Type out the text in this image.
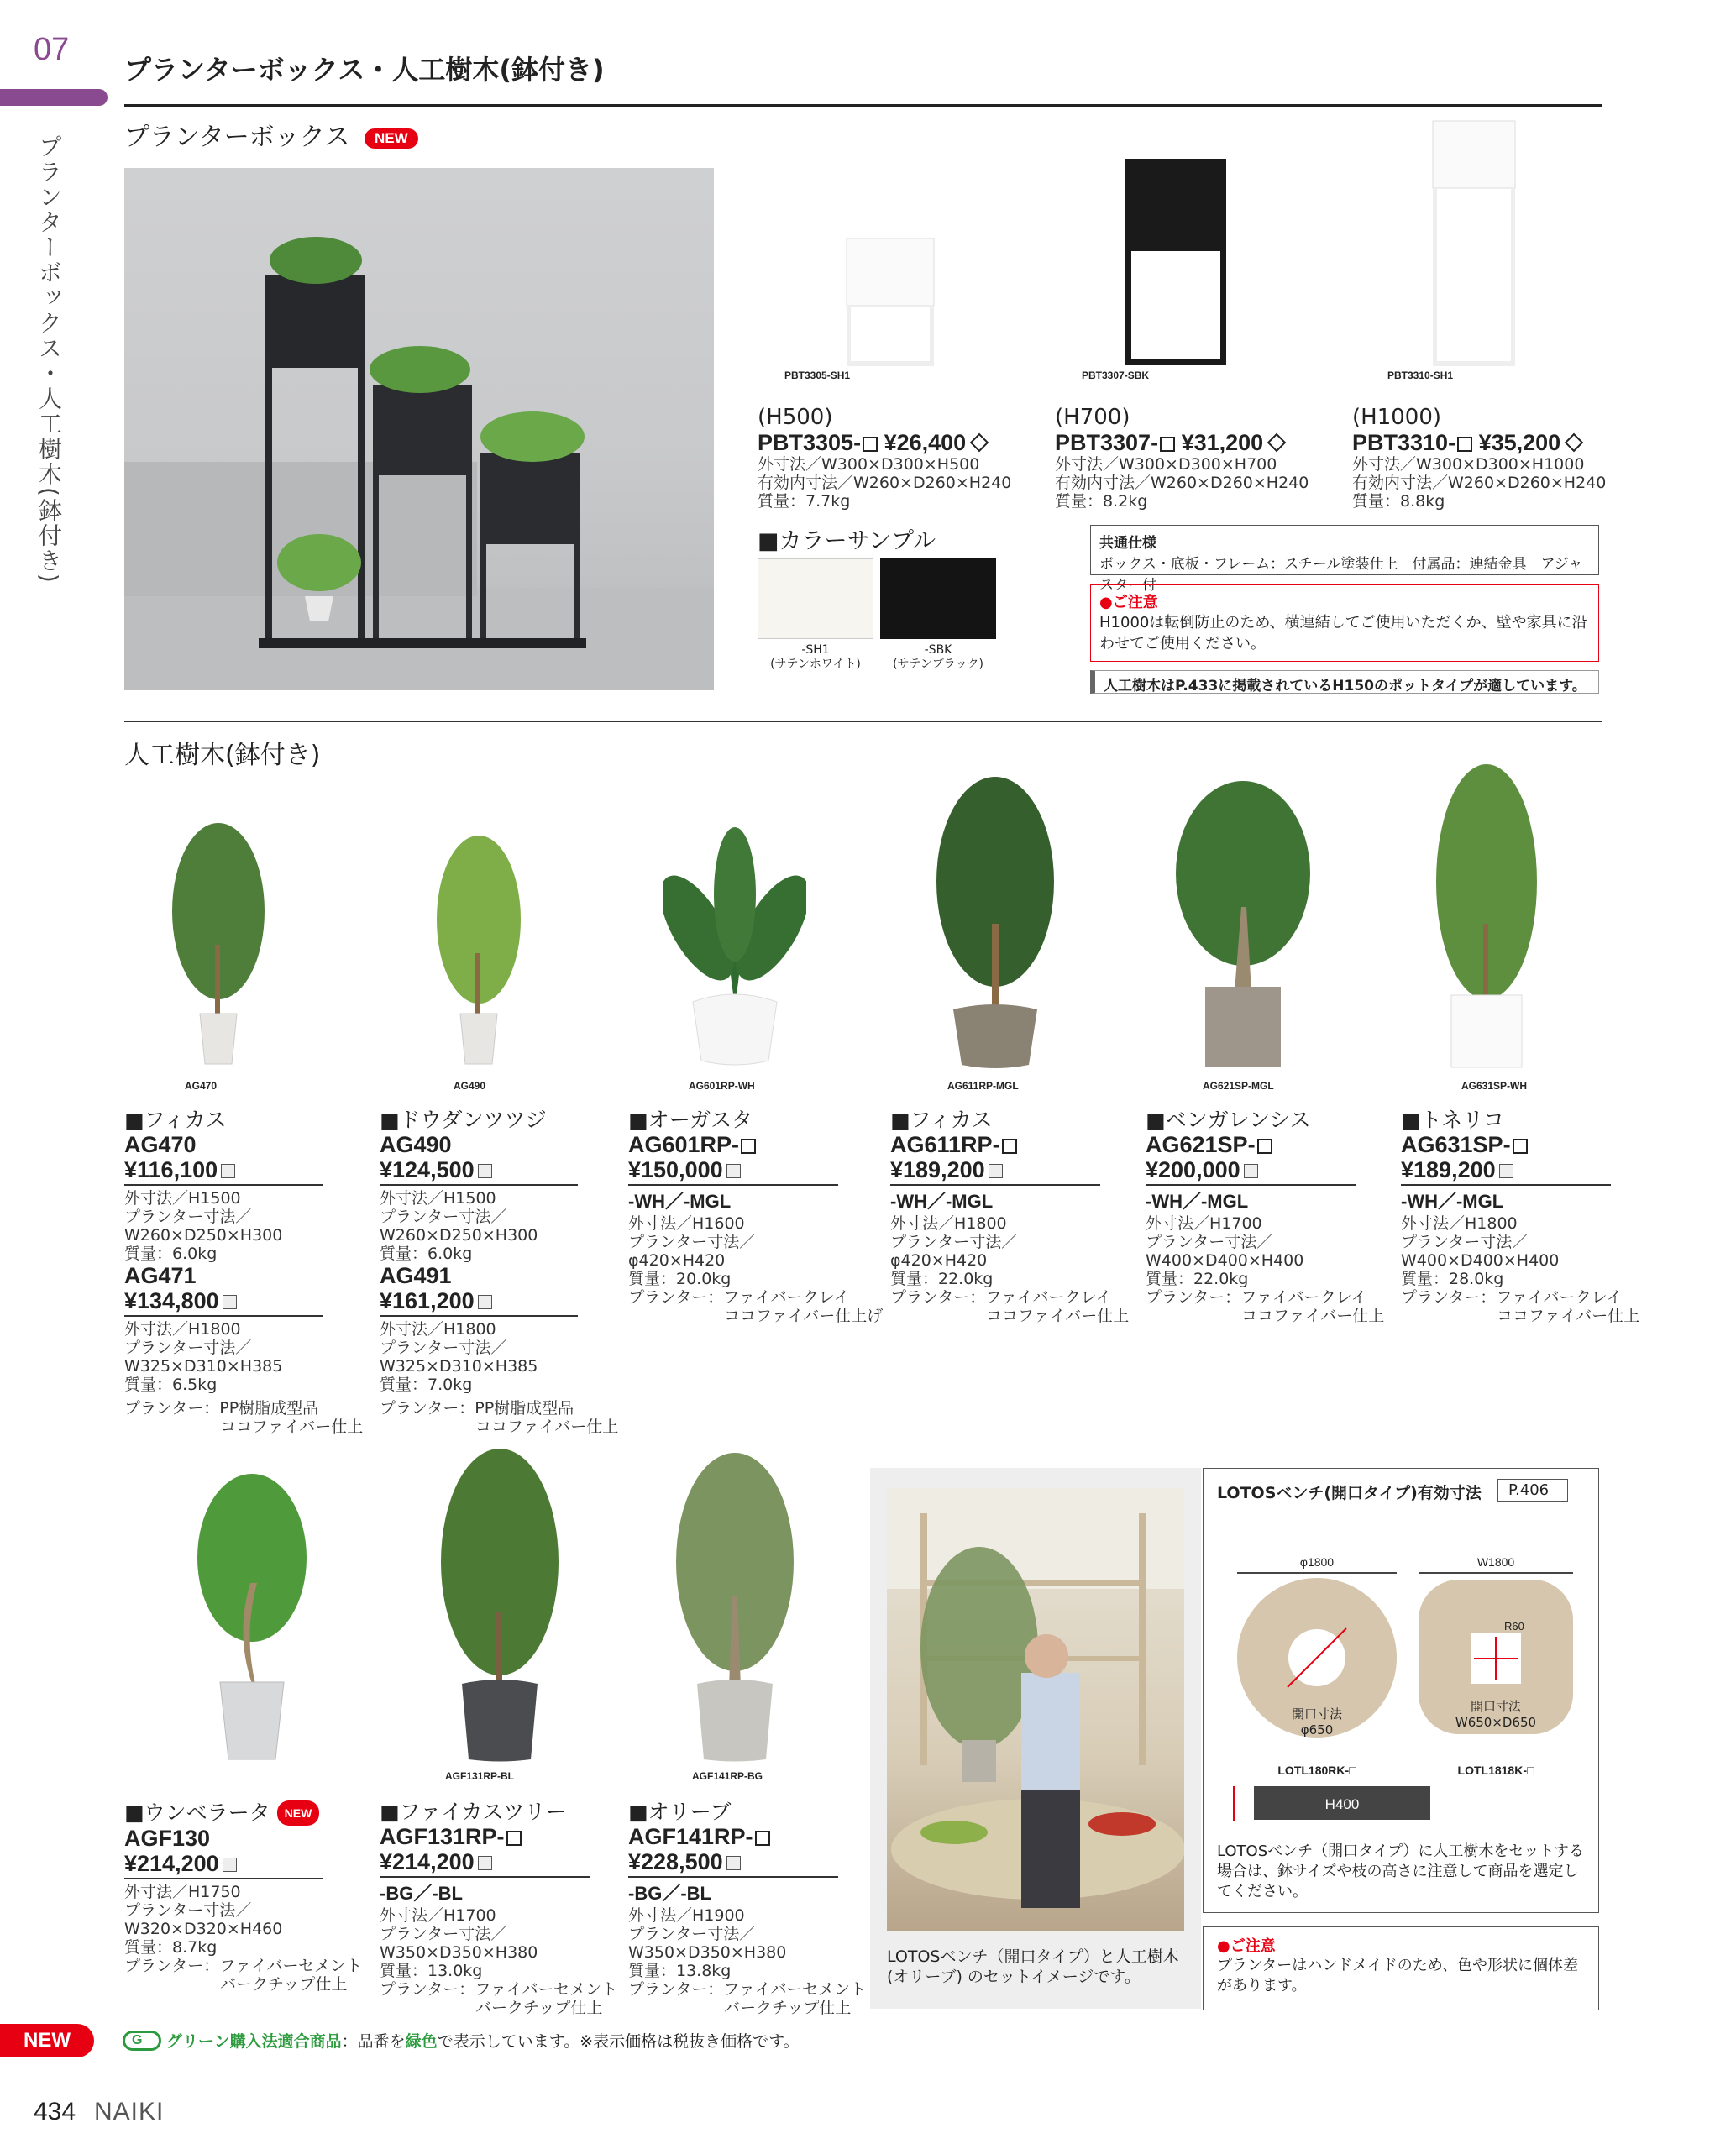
07
プランターボックス・人工樹木(鉢付き)
プランターボックス・人工樹木(鉢付き) プランターボックス NEW
PBT3305-SH1
(H500)
PBT3305- ¥26,400
外寸法／W300×D300×H500
有効内寸法／W260×D260×H240
質量：7.7kg
PBT3307-SBK
(H700)
PBT3307- ¥31,200
外寸法／W300×D300×H700
有効内寸法／W260×D260×H240
質量：8.2kg
PBT3310-SH1
(H1000)
PBT3310- ¥35,200
外寸法／W300×D300×H1000
有効内寸法／W260×D260×H240
質量：8.8kg
■カラーサンプル
-SH1
(サテンホワイト)
-SBK
(サテンブラック)
共通仕様
ボックス・底板・フレーム：スチール塗装仕上　付属品：連結金具　アジャスター付
●ご注意
H1000は転倒防止のため、横連結してご使用いただくか、壁や家具に沿わせてご使用ください。
人工樹木はP.433に掲載されているH150のポットタイプが適しています。
人工樹木(鉢付き)
AG470	AG490	AG601RP-WH	AG611RP-MGL	AG621SP-MGL	AG631SP-WH
■フィカス
AG470
¥116,100
外寸法／H1500
プランター寸法／
W260×D250×H300
質量：6.0kg
AG471
¥134,800
外寸法／H1800
プランター寸法／
W325×D310×H385
質量：6.5kg
プランター：PP樹脂成型品
　　　　　　ココファイバー仕上
■ドウダンツツジ
AG490
¥124,500
外寸法／H1500
プランター寸法／
W260×D250×H300
質量：6.0kg
AG491
¥161,200
外寸法／H1800
プランター寸法／
W325×D310×H385
質量：7.0kg
プランター：PP樹脂成型品
　　　　　　ココファイバー仕上
■オーガスタ
AG601RP-
¥150,000
-WH／-MGL
外寸法／H1600
プランター寸法／
φ420×H420
質量：20.0kg
プランター：ファイバークレイ
　　　　　　ココファイバー仕上げ
■フィカス
AG611RP-
¥189,200
-WH／-MGL
外寸法／H1800
プランター寸法／
φ420×H420
質量：22.0kg
プランター：ファイバークレイ
　　　　　　ココファイバー仕上
■ベンガレンシス
AG621SP-
¥200,000
-WH／-MGL
外寸法／H1700
プランター寸法／
W400×D400×H400
質量：22.0kg
プランター：ファイバークレイ
　　　　　　ココファイバー仕上
■トネリコ
AG631SP-
¥189,200
-WH／-MGL
外寸法／H1800
プランター寸法／
W400×D400×H400
質量：28.0kg
プランター：ファイバークレイ
　　　　　　ココファイバー仕上
AGF131RP-BL	AGF141RP-BG
■ウンベラータ NEW
AGF130
¥214,200
外寸法／H1750
プランター寸法／
W320×D320×H460
質量：8.7kg
プランター：ファイバーセメント
　　　　　　バークチップ仕上
■ファイカスツリー
AGF131RP-
¥214,200
-BG／-BL
外寸法／H1700
プランター寸法／
W350×D350×H380
質量：13.0kg
プランター：ファイバーセメント
　　　　　　バークチップ仕上
■オリーブ
AGF141RP-
¥228,500
-BG／-BL
外寸法／H1900
プランター寸法／
W350×D350×H380
質量：13.8kg
プランター：ファイバーセメント
　　　　　　バークチップ仕上
LOTOSベンチ（開口タイプ）と人工樹木
(オリーブ) のセットイメージです。
LOTOSベンチ(開口タイプ)有効寸法	P.406
φ1800
開口寸法
φ650
LOTL180RK-□
W1800
R60
開口寸法
W650×D650
LOTL1818K-□
H400
LOTOSベンチ（開口タイプ）に人工樹木をセットする場合は、鉢サイズや枝の高さに注意して商品を選定してください。
●ご注意
プランターはハンドメイドのため、色や形状に個体差があります。
NEW	G グリーン購入法適合商品：品番を緑色で表示しています。※表示価格は税抜き価格です。
434 NAIKI
